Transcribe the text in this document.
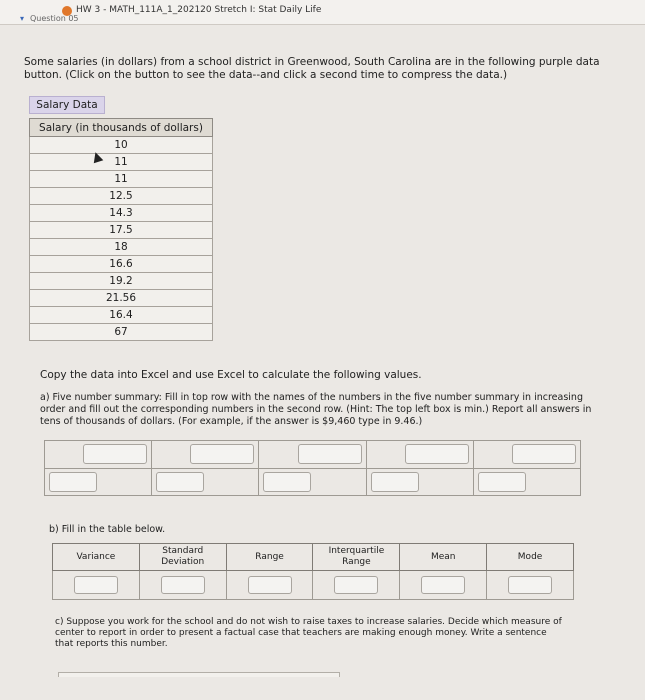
HW 3 - MATH_111A_1_202120 Stretch I: Stat Daily Life
▾ Question 05

Some salaries (in dollars) from a school district in Greenwood, South Carolina are in the following purple data button. (Click on the button to see the data--and click a second time to compress the data.)

Salary Data
Salary (in thousands of dollars)
10
11
11
12.5
14.3
17.5
18
16.6
19.2
21.56
16.4
67
Copy the data into Excel and use Excel to calculate the following values.

a) Five number summary: Fill in top row with the names of the numbers in the five number summary in increasing order and fill out the corresponding numbers in the second row. (Hint: The top left box is min.) Report all answers in tens of thousands of dollars. (For example, if the answer is $9,460 type in 9.46.)

b) Fill in the table below.
Variance	Standard Deviation	Range	Interquartile Range	Mean	Mode

c) Suppose you work for the school and do not wish to raise taxes to increase salaries. Decide which measure of center to report in order to present a factual case that teachers are making enough money. Write a sentence that reports this number.
